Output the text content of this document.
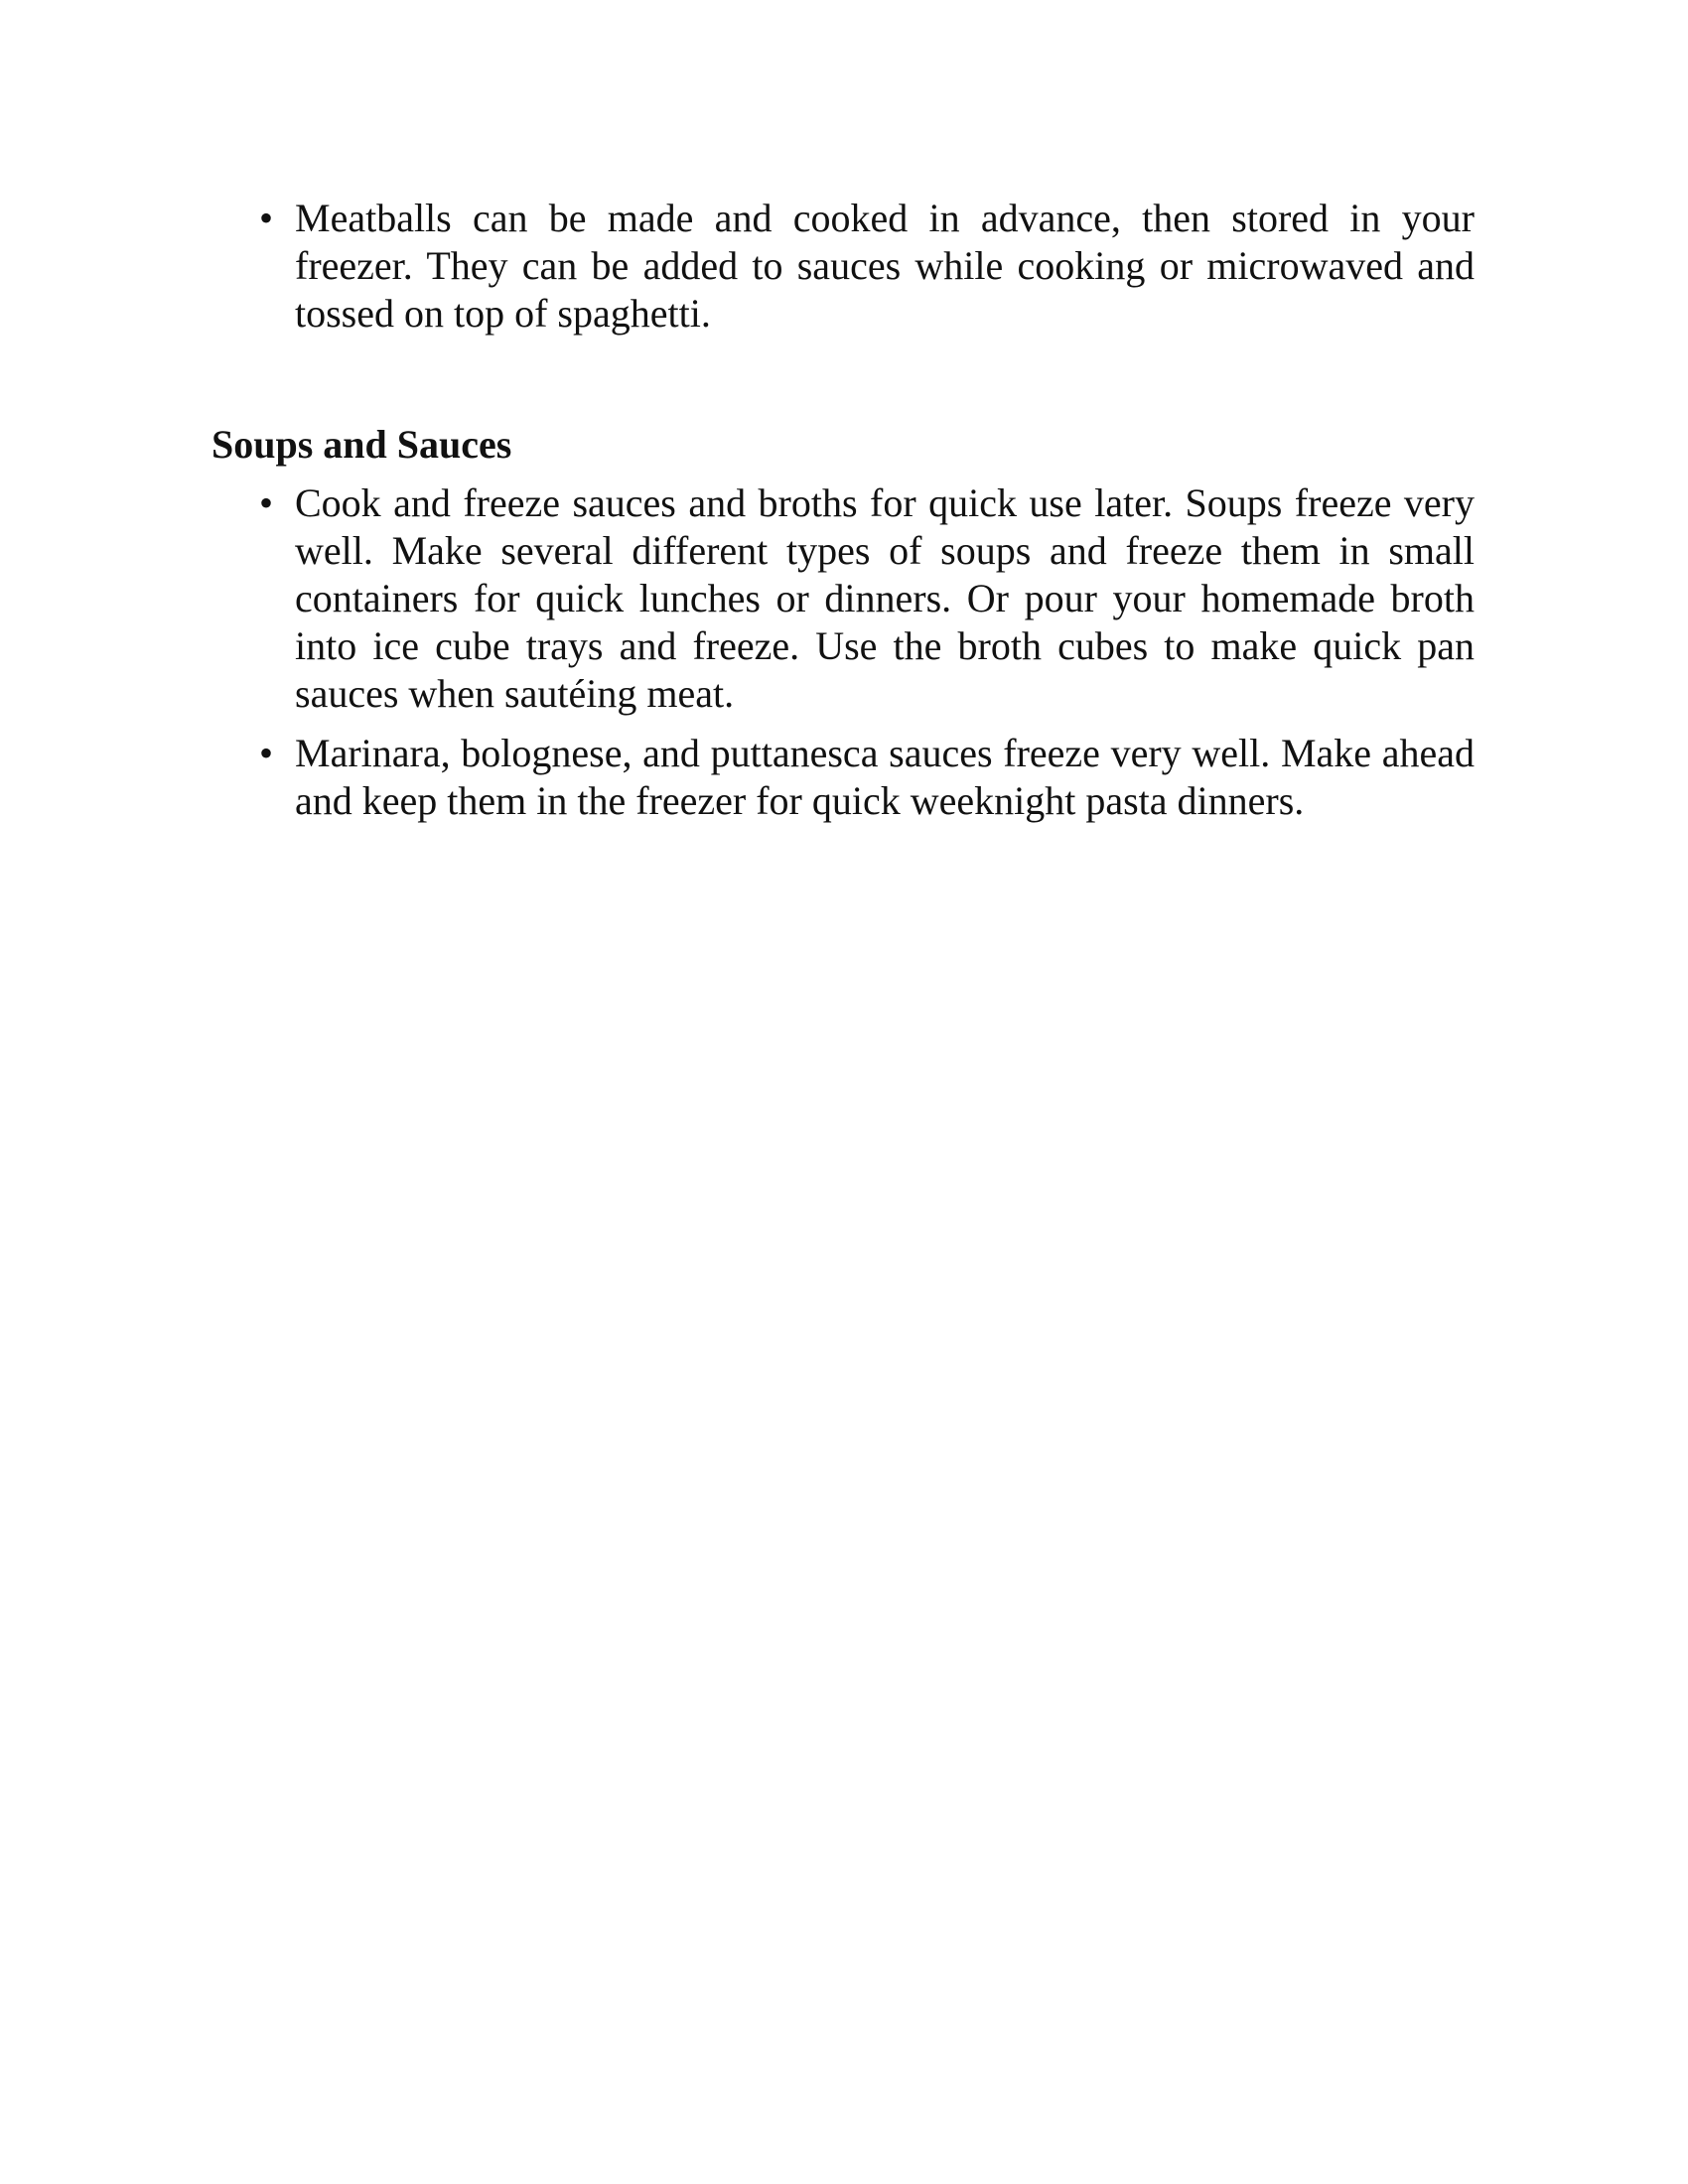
• Meatballs can be made and cooked in advance, then stored in your freezer. They can be added to sauces while cooking or microwaved and tossed on top of spaghetti.
Soups and Sauces
• Cook and freeze sauces and broths for quick use later. Soups freeze very well. Make several different types of soups and freeze them in small containers for quick lunches or dinners. Or pour your homemade broth into ice cube trays and freeze. Use the broth cubes to make quick pan sauces when sautéing meat.
• Marinara, bolognese, and puttanesca sauces freeze very well. Make ahead and keep them in the freezer for quick weeknight pasta dinners.
